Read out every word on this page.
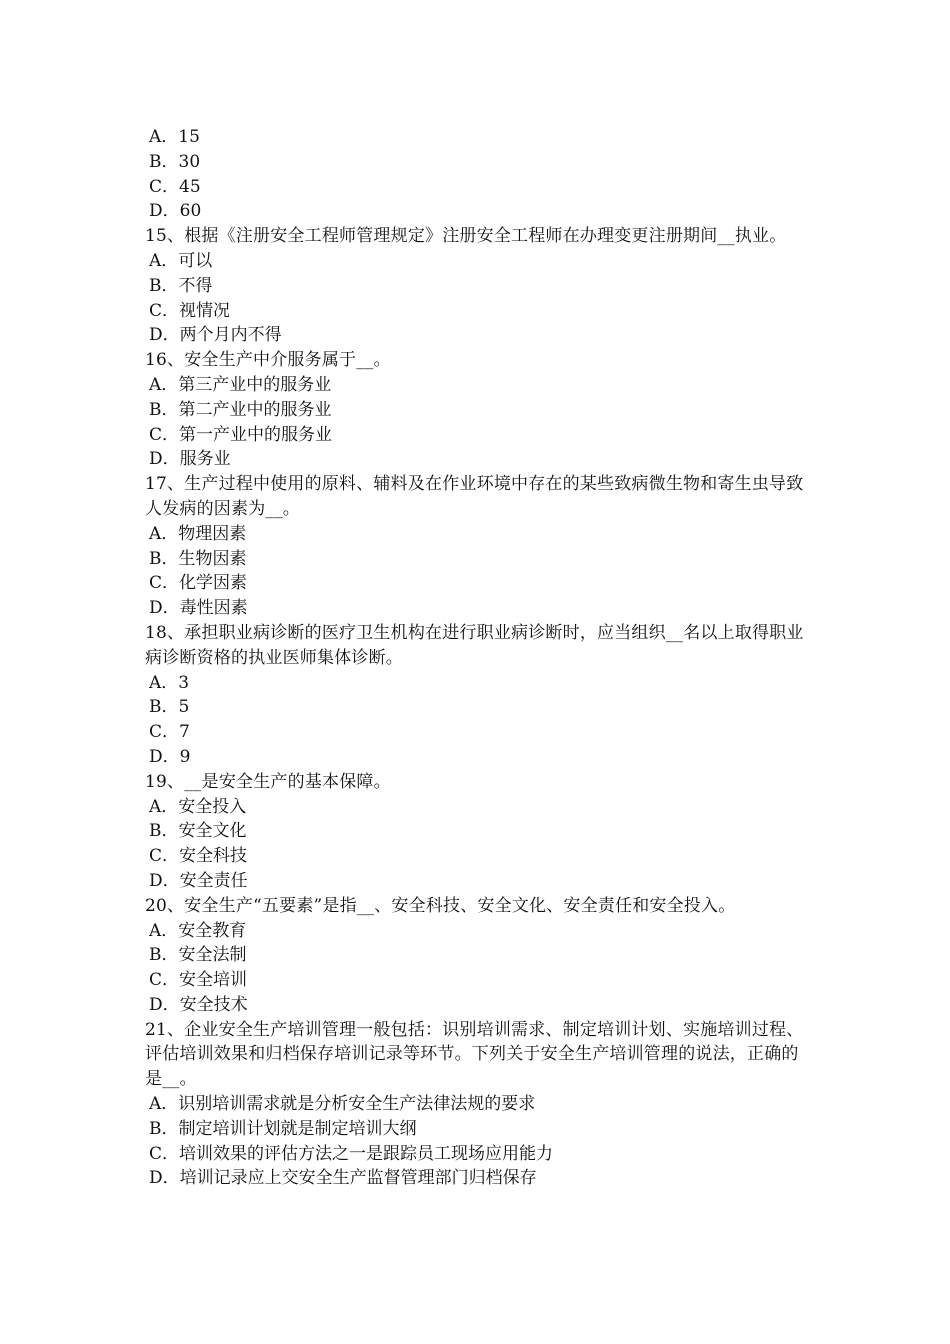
A．15
B．30
C．45
D．60
15、根据《注册安全工程师管理规定》注册安全工程师在办理变更注册期间__执业。
A．可以
B．不得
C．视情况
D．两个月内不得
16、安全生产中介服务属于__。
A．第三产业中的服务业
B．第二产业中的服务业
C．第一产业中的服务业
D．服务业
17、生产过程中使用的原料、辅料及在作业环境中存在的某些致病微生物和寄生虫导致人发病的因素为__。
A．物理因素
B．生物因素
C．化学因素
D．毒性因素
18、承担职业病诊断的医疗卫生机构在进行职业病诊断时，应当组织__名以上取得职业病诊断资格的执业医师集体诊断。
A．3
B．5
C．7
D．9
19、__是安全生产的基本保障。
A．安全投入
B．安全文化
C．安全科技
D．安全责任
20、安全生产“五要素”是指__、安全科技、安全文化、安全责任和安全投入。
A．安全教育
B．安全法制
C．安全培训
D．安全技术
21、企业安全生产培训管理一般包括：识别培训需求、制定培训计划、实施培训过程、评估培训效果和归档保存培训记录等环节。下列关于安全生产培训管理的说法，正确的是__。
A．识别培训需求就是分析安全生产法律法规的要求
B．制定培训计划就是制定培训大纲
C．培训效果的评估方法之一是跟踪员工现场应用能力
D．培训记录应上交安全生产监督管理部门归档保存
